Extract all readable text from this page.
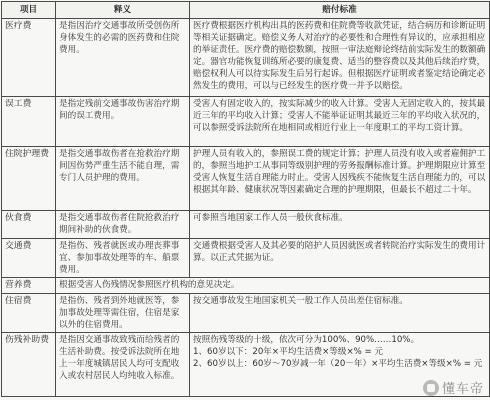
项目	释义	赔付标准
医疗费	是指因治疗交通事故所受创伤所身体发生的必需的医药费和住院费用。	医疗费根据医疗机构出具的医药费和住院费等收款凭证，结合病历和诊断证明等相关证据确定。赔偿义务人对治疗的必要性和合理性有异议的，应承担相应的举证责任。医疗费的赔偿数额，按照一审法庭辩论终结前实际发生的数额确定。器官功能恢复训练所必要的康复费、适当的整容费以及其他后续治疗费，赔偿权利人可以待实际发生后另行起诉。但根据医疗证明或者鉴定结论确定必然发生的费用，可以与已经发生的医疗费一并予以赔偿。
误工费	是指定残前交通事故伤害治疗期间的误工费用。	受害人有固定收入的，按实际减少的收入计算。受害人无固定收入的，按其最近三年的平均收入计算；受害人不能举证证明其最近三年的平均收入状况的，可以参照受诉法院所在地相同或相近行业上一年度职工的平均工资计算。
住院护理费	是指交通事故伤者在抢救治疗期间因伤势严重生活不能自理，需专门人员护理的费用。	护理人员有收入的，参照误工费的规定计算；护理人员没有收入或者雇佣护工的，参照当地护工从事同等级别护理的劳务报酬标准计算。护理期限应计算至受害人恢复生活自理能力时止。受害人因残疾不能恢复生活自理能力的，可以根据其年龄、健康状况等因素确定合理的护理期限，但最长不超过二十年。
伙食费	是指交通事故伤者住院抢救治疗期间补助的伙食费。	可参照当地国家工作人员一般伙食标准。
交通费	是指伤、残者就医或办理丧葬事宜、参加事故处理等的车、船票费用。	交通费根据受害人及其必要的陪护人员因就医或者转院治疗实际发生的费用计算。以正式凭据为证。
营养费	根据受害人伤残情况参照医疗机构的意见决定。	
住宿费	是指伤、残者到外地就医等，参加事故处理等需住宿，住宿是家以外的住宿费用。	按交通事故发生地国家机关一般工作人员出差住宿标准。
伤残补助费	是指因交通事故致残而给残者的生活补助费。按受诉法院所在地上一年度城镇居民人均可支配收入或农村居民人均纯收入标准。	按照伤残等级的十级，依次可分为100%、90%……10%。
1、60岁以下：20年×平均生活费×等级×% = 元
2、60岁以上：60岁～70岁减一年（20－年）×平均生活费×等级×% = 元
懂车帝
